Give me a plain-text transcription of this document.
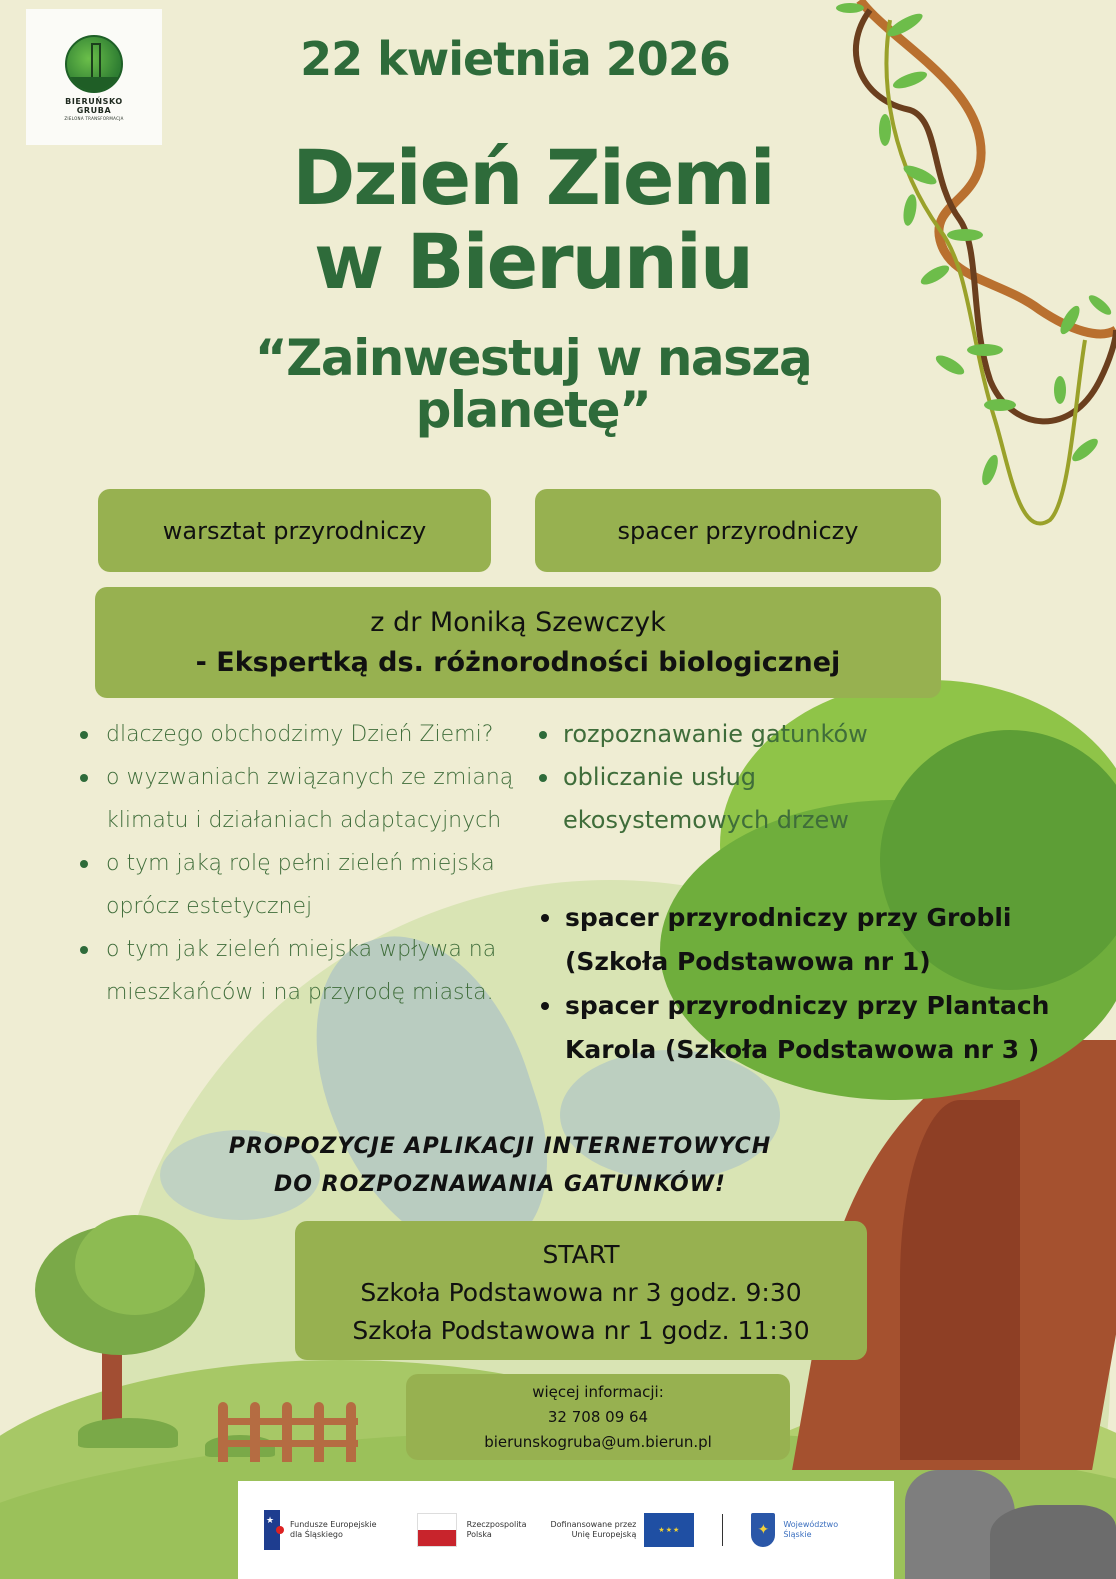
BIERUŃSKO
GRUBA
ZIELONA TRANSFORMACJA
22 kwietnia 2026
Dzień Ziemi
w Bieruniu
“Zainwestuj w naszą
planetę”
warsztat przyrodniczy	spacer przyrodniczy
z dr Moniką Szewczyk
- Ekspertką ds. różnorodności biologicznej
dlaczego obchodzimy Dzień Ziemi?
o wyzwaniach związanych ze zmianą klimatu i działaniach adaptacyjnych
o tym jaką rolę pełni zieleń miejska oprócz estetycznej
o tym jak zieleń miejska wpływa na mieszkańców i na przyrodę miasta.
rozpoznawanie gatunków
obliczanie usług ekosystemowych drzew
spacer przyrodniczy przy Grobli (Szkoła Podstawowa nr 1)
spacer przyrodniczy przy Plantach Karola (Szkoła Podstawowa nr 3 )
PROPOZYCJE APLIKACJI INTERNETOWYCH
DO ROZPOZNAWANIA GATUNKÓW!
START
Szkoła Podstawowa nr 3 godz. 9:30
Szkoła Podstawowa nr 1 godz. 11:30
więcej informacji:
32 708 09 64
bierunskogruba@um.bierun.pl
★
Fundusze Europejskie
dla Śląskiego
Rzeczpospolita
Polska
Dofinansowane przez
Unię Europejską	★★★	✦	Województwo
Śląskie
